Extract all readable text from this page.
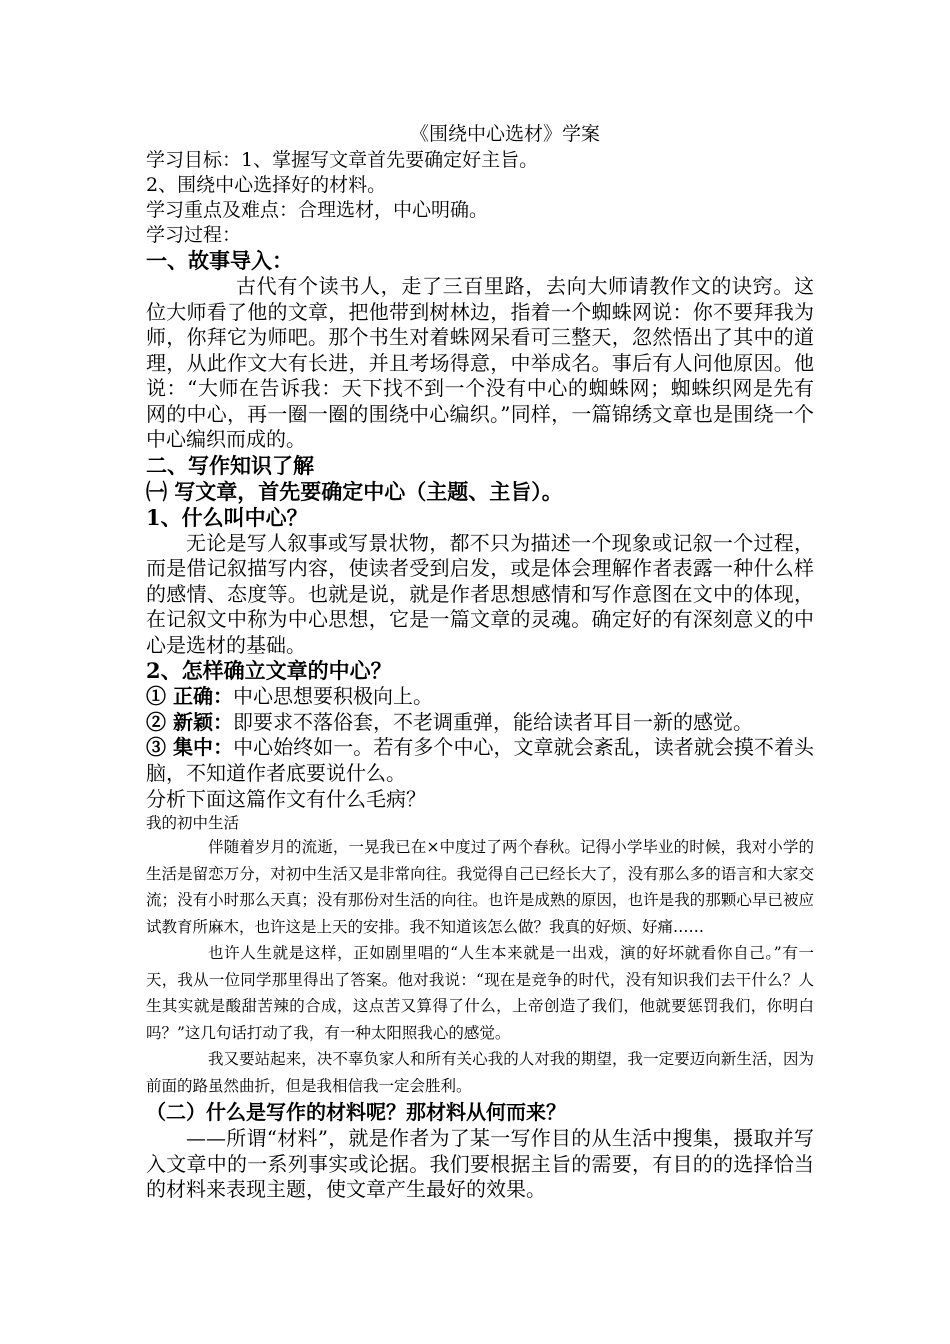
《围绕中心选材》学案
学习目标：1、掌握写文章首先要确定好主旨。
2、围绕中心选择好的材料。
学习重点及难点：合理选材，中心明确。
学习过程：
一、故事导入：
古代有个读书人，走了三百里路，去向大师请教作文的诀窍。这位大师看了他的文章，把他带到树林边，指着一个蜘蛛网说：你不要拜我为师，你拜它为师吧。那个书生对着蛛网呆看可三整天，忽然悟出了其中的道理，从此作文大有长进，并且考场得意，中举成名。事后有人问他原因。他说：“大师在告诉我：天下找不到一个没有中心的蜘蛛网；蜘蛛织网是先有网的中心，再一圈一圈的围绕中心编织。”同样，一篇锦绣文章也是围绕一个中心编织而成的。
二、写作知识了解
㈠ 写文章，首先要确定中心（主题、主旨）。
1、什么叫中心？
无论是写人叙事或写景状物，都不只为描述一个现象或记叙一个过程，而是借记叙描写内容，使读者受到启发，或是体会理解作者表露一种什么样的感情、态度等。也就是说，就是作者思想感情和写作意图在文中的体现，在记叙文中称为中心思想，它是一篇文章的灵魂。确定好的有深刻意义的中心是选材的基础。
2、怎样确立文章的中心？
① 正确：中心思想要积极向上。
② 新颖：即要求不落俗套，不老调重弹，能给读者耳目一新的感觉。
③ 集中：中心始终如一。若有多个中心，文章就会紊乱，读者就会摸不着头脑，不知道作者底要说什么。
分析下面这篇作文有什么毛病？
我的初中生活
伴随着岁月的流逝，一晃我已在×中度过了两个春秋。记得小学毕业的时候，我对小学的生活是留恋万分，对初中生活又是非常向往。我觉得自己已经长大了，没有那么多的语言和大家交流；没有小时那么天真；没有那份对生活的向往。也许是成熟的原因，也许是我的那颗心早已被应试教育所麻木，也许这是上天的安排。我不知道该怎么做？我真的好烦、好痛……
也许人生就是这样，正如剧里唱的“人生本来就是一出戏，演的好坏就看你自己。”有一天，我从一位同学那里得出了答案。他对我说：“现在是竞争的时代，没有知识我们去干什么？人生其实就是酸甜苦辣的合成，这点苦又算得了什么，上帝创造了我们，他就要惩罚我们，你明白吗？”这几句话打动了我，有一种太阳照我心的感觉。
我又要站起来，决不辜负家人和所有关心我的人对我的期望，我一定要迈向新生活，因为前面的路虽然曲折，但是我相信我一定会胜利。
（二）什么是写作的材料呢？那材料从何而来？
——所谓“材料”，就是作者为了某一写作目的从生活中搜集，摄取并写入文章中的一系列事实或论据。我们要根据主旨的需要，有目的的选择恰当的材料来表现主题，使文章产生最好的效果。
